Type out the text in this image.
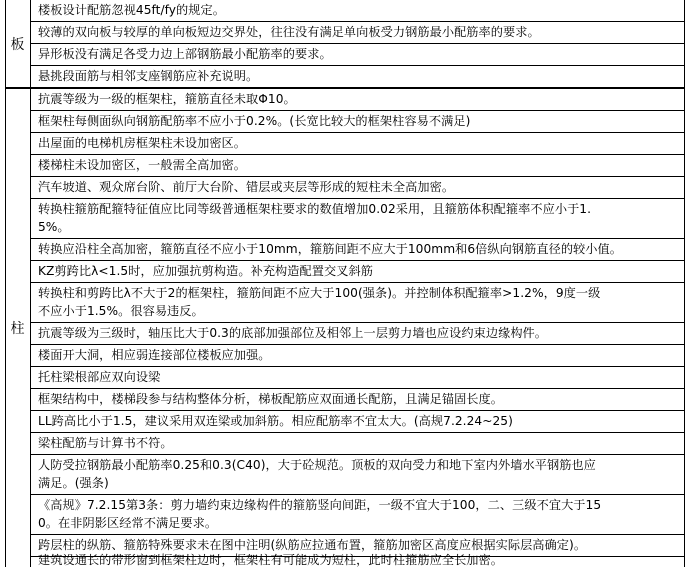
板
楼板设计配筋忽视45ft/fy的规定。
较薄的双向板与较厚的单向板短边交界处，往往没有满足单向板受力钢筋最小配筋率的要求。
异形板没有满足各受力边上部钢筋最小配筋率的要求。
悬挑段面筋与相邻支座钢筋应补充说明。
柱
抗震等级为一级的框架柱，箍筋直径未取Φ10。
框架柱每侧面纵向钢筋配筋率不应小于0.2%。(长宽比较大的框架柱容易不满足)
出屋面的电梯机房框架柱未设加密区。
楼梯柱未设加密区，一般需全高加密。
汽车坡道、观众席台阶、前厅大台阶、错层或夹层等形成的短柱未全高加密。
转换柱箍筋配箍特征值应比同等级普通框架柱要求的数值增加0.02采用，且箍筋体积配箍率不应小于1.
5%。
转换应沿柱全高加密，箍筋直径不应小于10mm，箍筋间距不应大于100mm和6倍纵向钢筋直径的较小值。
KZ剪跨比λ<1.5时，应加强抗剪构造。补充构造配置交叉斜筋
转换柱和剪跨比λ不大于2的框架柱，箍筋间距不应大于100(强条)。并控制体积配箍率>1.2%，9度一级
不应小于1.5%。很容易违反。
抗震等级为三级时，轴压比大于0.3的底部加强部位及相邻上一层剪力墙也应设约束边缘构件。
楼面开大洞，相应弱连接部位楼板应加强。
托柱梁根部应双向设梁
框架结构中，楼梯段参与结构整体分析，梯板配筋应双面通长配筋，且满足锚固长度。
LL跨高比小于1.5，建议采用双连梁或加斜筋。相应配筋率不宜太大。(高规7.2.24~25)
梁柱配筋与计算书不符。
人防受拉钢筋最小配筋率0.25和0.3(C40)，大于砼规范。顶板的双向受力和地下室内外墙水平钢筋也应
满足。(强条)
《高规》7.2.15第3条：剪力墙约束边缘构件的箍筋竖向间距，一级不宜大于100，二、三级不宜大于15
0。在非阴影区经常不满足要求。
跨层柱的纵筋、箍筋特殊要求未在图中注明(纵筋应拉通布置，箍筋加密区高度应根据实际层高确定)。
建筑设通长的带形窗到框架柱边时，框架柱有可能成为短柱，此时柱箍筋应全长加密。
